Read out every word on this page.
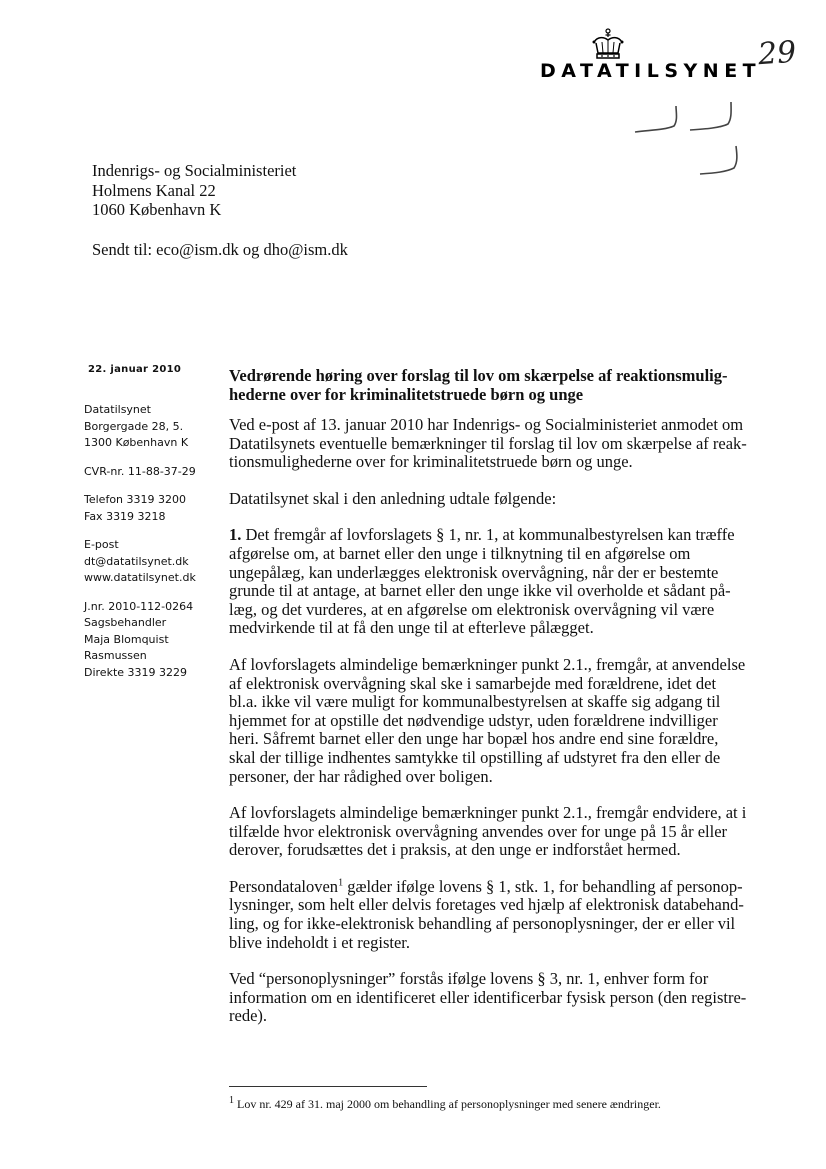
DATATILSYNET
29
Indenrigs- og Socialministeriet
Holmens Kanal 22
1060 København K
Sendt til: eco@ism.dk og dho@ism.dk
22. januar 2010
Datatilsynet
Borgergade 28, 5.
1300 København K
CVR-nr. 11-88-37-29
Telefon 3319 3200
Fax 3319 3218
E-post
dt@datatilsynet.dk
www.datatilsynet.dk
J.nr. 2010-112-0264
Sagsbehandler
Maja Blomquist
Rasmussen
Direkte 3319 3229
Vedrørende høring over forslag til lov om skærpelse af reaktionsmulig-
hederne over for kriminalitetstruede børn og unge

Ved e-post af 13. januar 2010 har Indenrigs- og Socialministeriet anmodet om
Datatilsynets eventuelle bemærkninger til forslag til lov om skærpelse af reak-
tionsmulighederne over for kriminalitetstruede børn og unge.

Datatilsynet skal i den anledning udtale følgende:

1. Det fremgår af lovforslagets § 1, nr. 1, at kommunalbestyrelsen kan træffe
afgørelse om, at barnet eller den unge i tilknytning til en afgørelse om
ungepålæg, kan underlægges elektronisk overvågning, når der er bestemte
grunde til at antage, at barnet eller den unge ikke vil overholde et sådant på-
læg, og det vurderes, at en afgørelse om elektronisk overvågning vil være
medvirkende til at få den unge til at efterleve pålægget.

Af lovforslagets almindelige bemærkninger punkt 2.1., fremgår, at anvendelse
af elektronisk overvågning skal ske i samarbejde med forældrene, idet det
bl.a. ikke vil være muligt for kommunalbestyrelsen at skaffe sig adgang til
hjemmet for at opstille det nødvendige udstyr, uden forældrene indvilliger
heri. Såfremt barnet eller den unge har bopæl hos andre end sine forældre,
skal der tillige indhentes samtykke til opstilling af udstyret fra den eller de
personer, der har rådighed over boligen.

Af lovforslagets almindelige bemærkninger punkt 2.1., fremgår endvidere, at i
tilfælde hvor elektronisk overvågning anvendes over for unge på 15 år eller
derover, forudsættes det i praksis, at den unge er indforstået hermed.

Persondataloven$^1$ gælder ifølge lovens § 1, stk. 1, for behandling af personop-
lysninger, som helt eller delvis foretages ved hjælp af elektronisk databehand-
ling, og for ikke-elektronisk behandling af personoplysninger, der er eller vil
blive indeholdt i et register.

Ved “personoplysninger” forstås ifølge lovens § 3, nr. 1, enhver form for
information om en identificeret eller identificerbar fysisk person (den registre-
rede).

$^1$ Lov nr. 429 af 31. maj 2000 om behandling af personoplysninger med senere ændringer.
